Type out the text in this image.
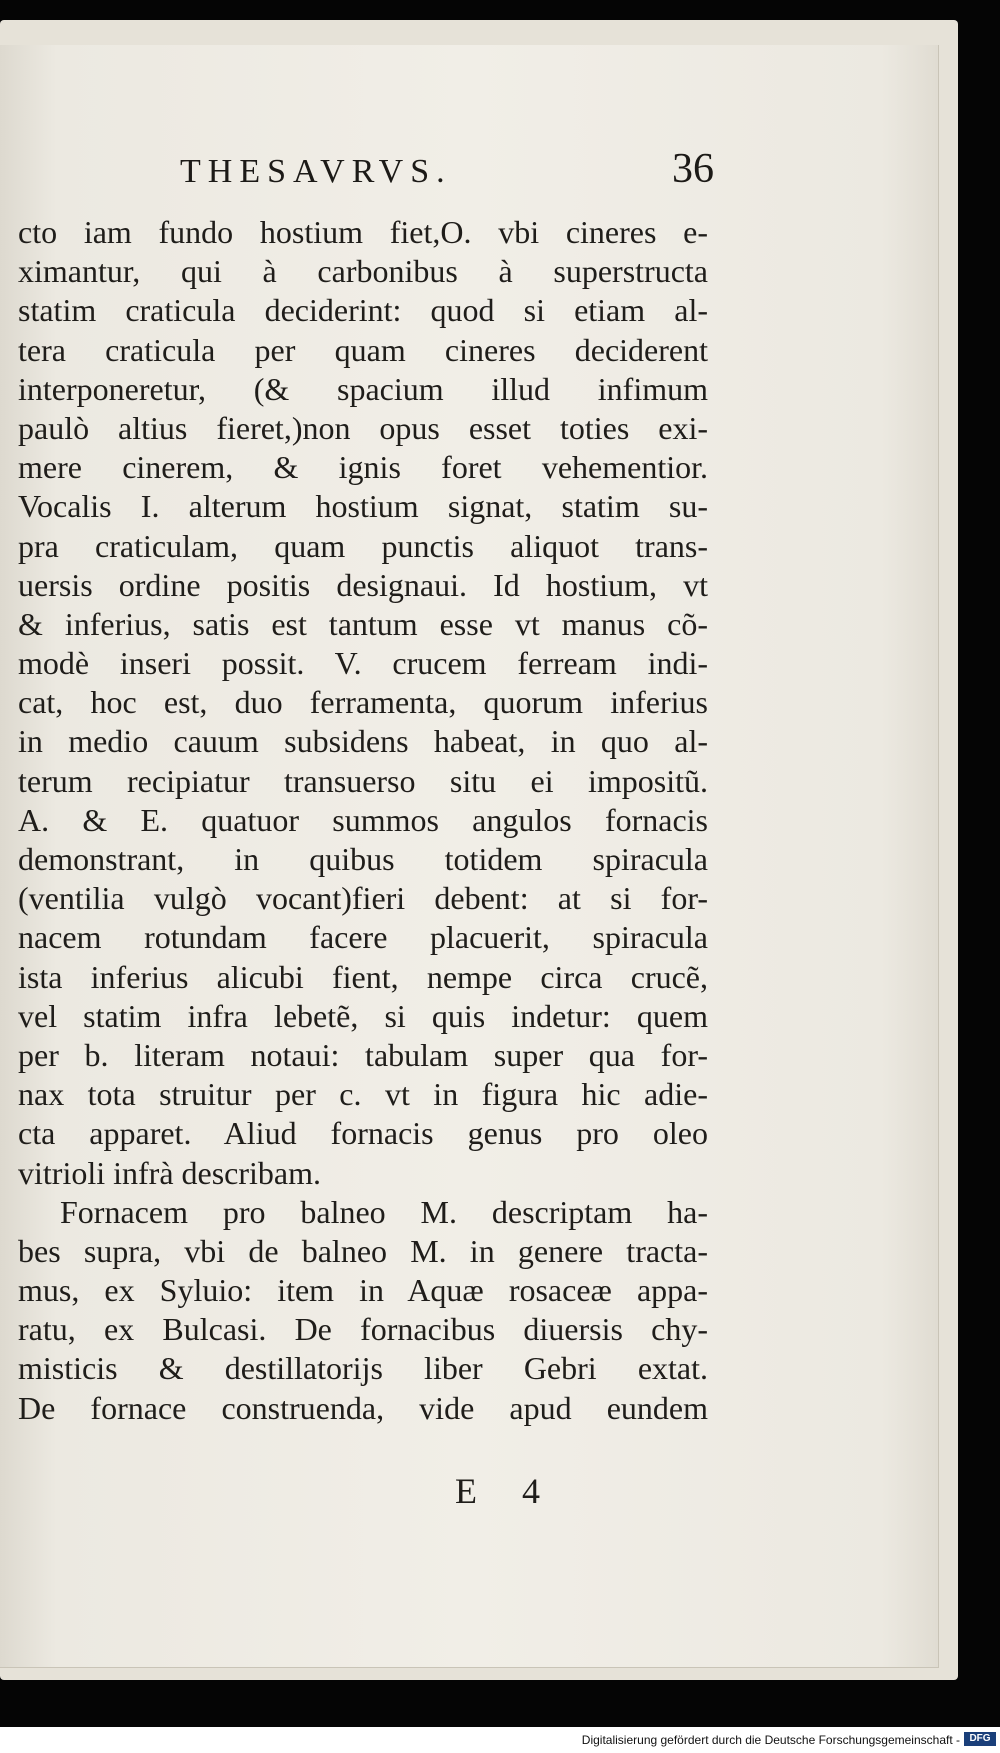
THESAVRVS.	36
cto iam fundo hostium fiet,O. vbi cineres e-
ximantur, qui à carbonibus à superstructa
statim craticula deciderint: quod si etiam al-
tera craticula per quam cineres deciderent
interponeretur, (& spacium illud infimum
paulò altius fieret,)non opus esset toties exi-
mere cinerem, & ignis foret vehementior.
Vocalis I. alterum hostium signat, statim su-
pra craticulam, quam punctis aliquot trans-
uersis ordine positis designaui. Id hostium, vt
& inferius, satis est tantum esse vt manus cõ-
modè inseri possit. V. crucem ferream indi-
cat, hoc est, duo ferramenta, quorum inferius
in medio cauum subsidens habeat, in quo al-
terum recipiatur transuerso situ ei impositũ.
A. & E. quatuor summos angulos fornacis
demonstrant, in quibus totidem spiracula
(ventilia vulgò vocant)fieri debent: at si for-
nacem rotundam facere placuerit, spiracula
ista inferius alicubi fient, nempe circa crucẽ,
vel statim infra lebetẽ, si quis indetur: quem
per b. literam notaui: tabulam super qua for-
nax tota struitur per c. vt in figura hic adie-
cta apparet. Aliud fornacis genus pro oleo
vitrioli infrà describam.
Fornacem pro balneo M. descriptam ha-
bes supra, vbi de balneo M. in genere tracta-
mus, ex Syluio: item in Aquæ rosaceæ appa-
ratu, ex Bulcasi. De fornacibus diuersis chy-
misticis & destillatorijs liber Gebri extat.
De fornace construenda, vide apud eundem
E 4
Digitalisierung gefördert durch die Deutsche Forschungsgemeinschaft - DFG
